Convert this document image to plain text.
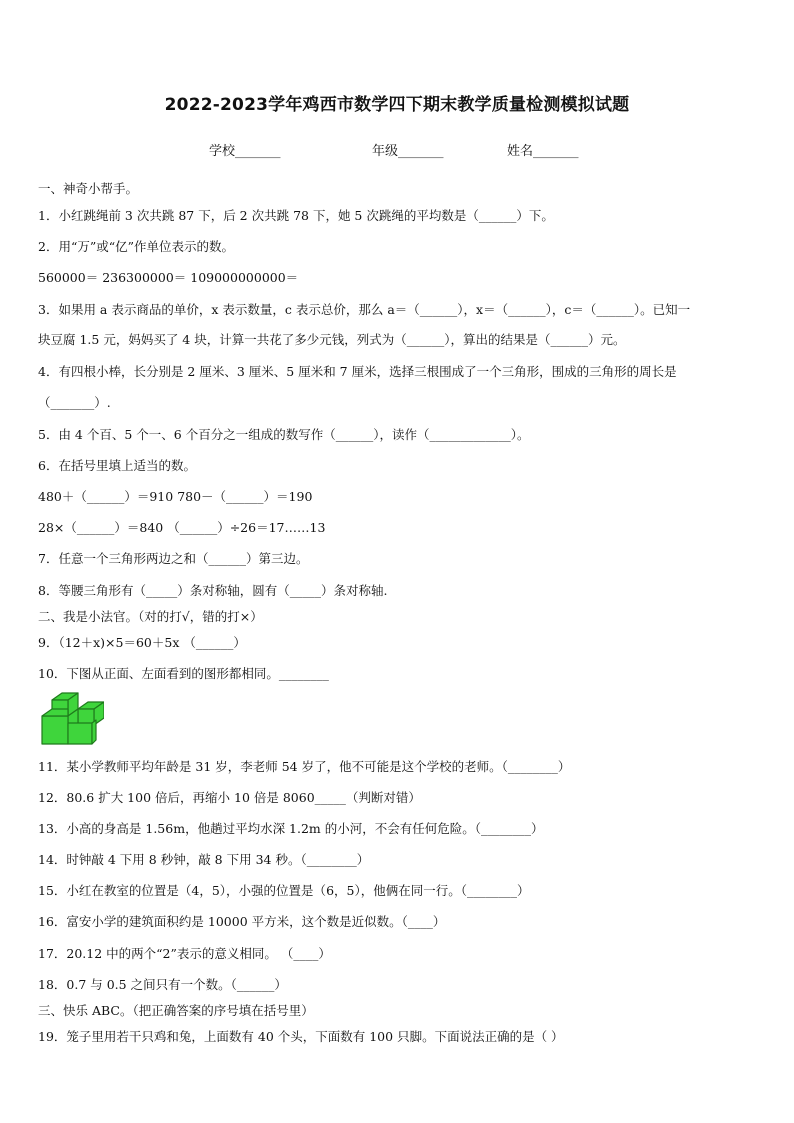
2022-2023学年鸡西市数学四下期末教学质量检测模拟试题
学校_______	年级_______	姓名_______
一、神奇小帮手。
1．小红跳绳前 3 次共跳 87 下，后 2 次共跳 78 下，她 5 次跳绳的平均数是（______）下。
2．用“万”或“亿”作单位表示的数。
560000＝ 236300000＝ 109000000000＝
3．如果用 a 表示商品的单价，x 表示数量，c 表示总价，那么 a＝（______），x＝（______），c＝（______）。已知一
块豆腐 1.5 元，妈妈买了 4 块，计算一共花了多少元钱，列式为（______），算出的结果是（______）元。
4．有四根小棒，长分别是 2 厘米、3 厘米、5 厘米和 7 厘米，选择三根围成了一个三角形，围成的三角形的周长是
（_______）.
5．由 4 个百、5 个一、6 个百分之一组成的数写作（______），读作（_____________）。
6．在括号里填上适当的数。
480＋（______）＝910 780－（______）＝190
28×（______）＝840 （______）÷26＝17……13
7．任意一个三角形两边之和（______）第三边。
8．等腰三角形有（_____）条对称轴，圆有（_____）条对称轴.
二、我是小法官。（对的打√，错的打×）
9．（12＋x)×5＝60＋5x （______）
10．下图从正面、左面看到的图形都相同。________
11．某小学教师平均年龄是 31 岁，李老师 54 岁了，他不可能是这个学校的老师。（________）
12．80.6 扩大 100 倍后，再缩小 10 倍是 8060_____（判断对错）
13．小高的身高是 1.56m，他趟过平均水深 1.2m 的小河，不会有任何危险。（________）
14．时钟敲 4 下用 8 秒钟，敲 8 下用 34 秒。（________）
15．小红在教室的位置是（4，5），小强的位置是（6，5），他俩在同一行。（________）
16．富安小学的建筑面积约是 10000 平方米，这个数是近似数。（____）
17．20.12 中的两个“2”表示的意义相同。 （____）
18．0.7 与 0.5 之间只有一个数。（______）
三、快乐 ABC。（把正确答案的序号填在括号里）
19．笼子里用若干只鸡和兔，上面数有 40 个头，下面数有 100 只脚。下面说法正确的是（ ）
